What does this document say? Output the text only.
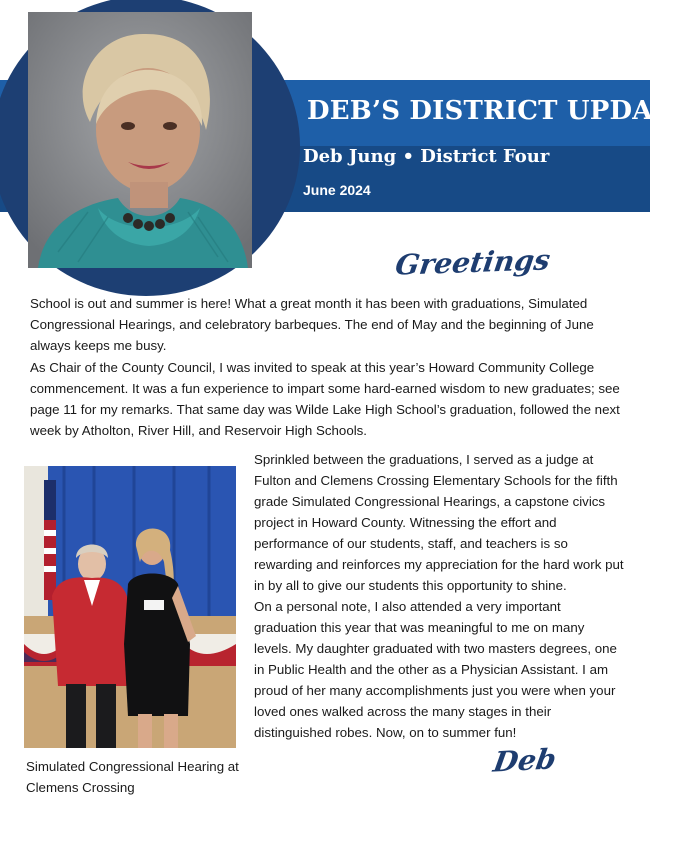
DEB’S DISTRICT UPDATE
Deb Jung • District Four
June 2024
Greetings

School is out and summer is here! What a great month it has been with graduations, Simulated Congressional Hearings, and celebratory barbeques. The end of May and the beginning of June always keeps me busy.

As Chair of the County Council, I was invited to speak at this year’s Howard Community College commencement. It was a fun experience to impart some hard-earned wisdom to new graduates; see page 11 for my remarks. That same day was Wilde Lake High School’s graduation, followed the next week by Atholton, River Hill, and Reservoir High Schools.

Sprinkled between the graduations, I served as a judge at Fulton and Clemens Crossing Elementary Schools for the fifth grade Simulated Congressional Hearings, a capstone civics project in Howard County. Witnessing the effort and performance of our students, staff, and teachers is so rewarding and reinforces my appreciation for the hard work put in by all to give our students this opportunity to shine.

On a personal note, I also attended a very important graduation this year that was meaningful to me on many levels. My daughter graduated with two masters degrees, one in Public Health and the other as a Physician Assistant. I am proud of her many accomplishments just you were when your loved ones walked across the many stages in their distinguished robes. Now, on to summer fun!

Simulated Congressional Hearing at Clemens Crossing

Deb
